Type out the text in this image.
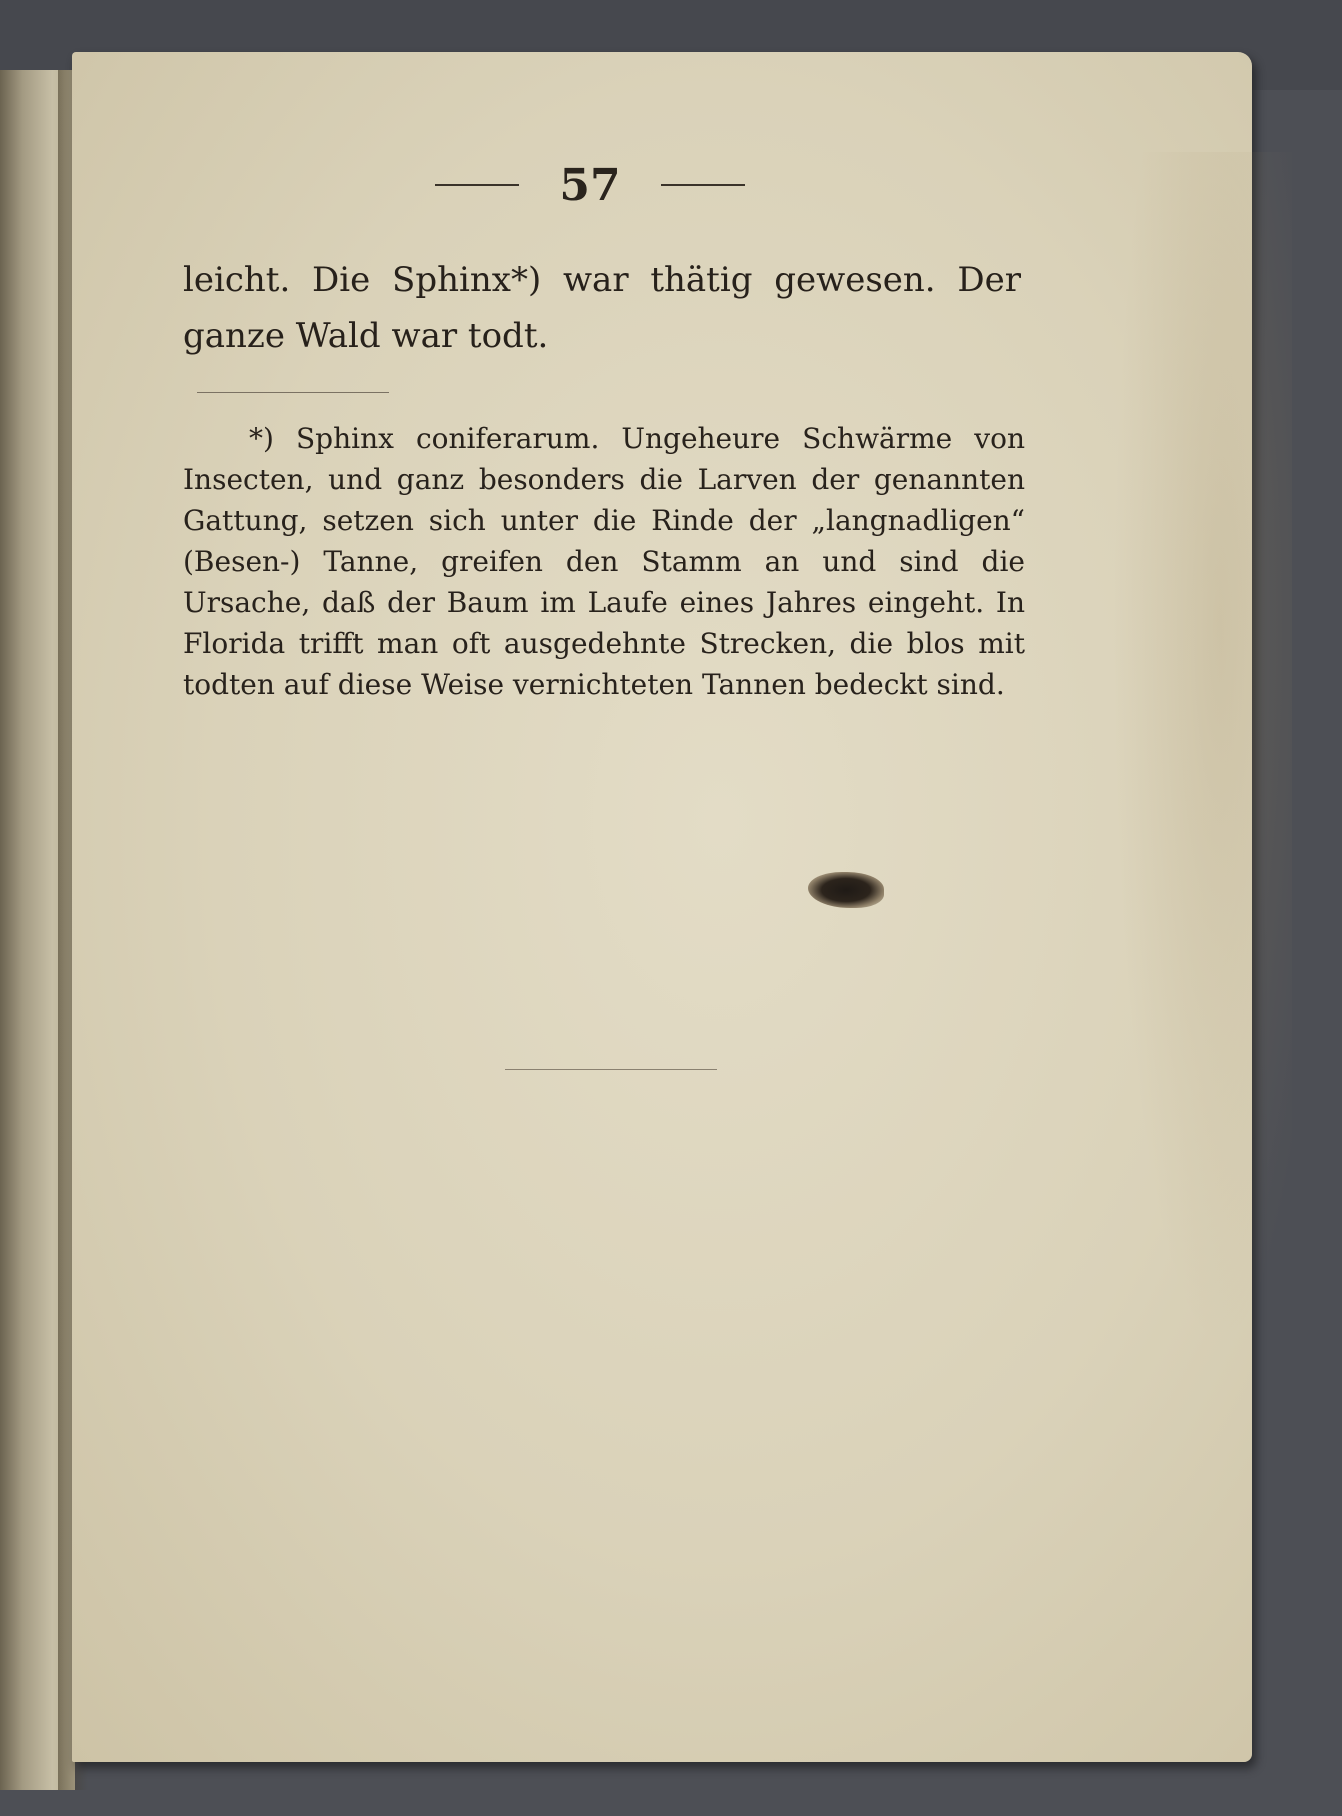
57

leicht. Die Sphinx*) war thätig gewesen. Der ganze Wald war todt.

*) Sphinx coniferarum. Ungeheure Schwärme von Insecten, und ganz besonders die Larven der genannten Gattung, setzen sich unter die Rinde der „langnadligen“ (Besen-) Tanne, greifen den Stamm an und sind die Ursache, daß der Baum im Laufe eines Jahres eingeht. In Florida trifft man oft ausgedehnte Strecken, die blos mit todten auf diese Weise vernichteten Tannen bedeckt sind.
